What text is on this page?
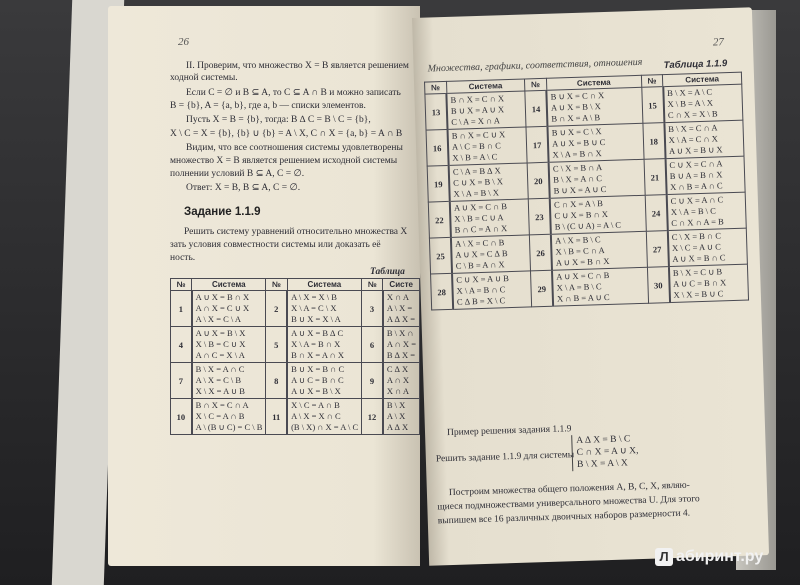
26
II. Проверим, что множество X = B является решением
ходной системы.
Если C = ∅ и B ⊆ A, то C ⊆ A ∩ B и можно записать
B = {b}, A = {a, b}, где a, b — списки элементов.
Пусть X = B = {b}, тогда: B ∆ C = B \ C = {b},
X \ C = X = {b}, {b} ∪ {b} = A \ X, C ∩ X = {a, b} = A ∩ B
Видим, что все соотношения системы удовлетворены
множество X = B является решением исходной системы
полнении условий B ⊆ A, C = ∅.
Ответ: X = B, B ⊆ A, C = ∅.
Задание 1.1.9
Решить систему уравнений относительно множества X
зать условия совместности системы или доказать её
ность.
Таблица
№	Система	№	Система	№	Систе
1	A ∪ X = B ∩ X
A ∩ X = C ∪ X
A \ X = C \ A	2	A \ X = X \ B
X \ A = C \ X
B ∪ X = X \ A	3	X ∩ A
A \ X =
A ∆ X =

4	A ∪ X = B \ X
X \ B = C ∪ X
A ∩ C = X \ A	5	A ∪ X = B ∆ C
X \ A = B ∩ X
B ∩ X = A ∩ X	6	B \ X ∩
A ∩ X =
B ∆ X =

7	B \ X = A ∩ C
A \ X = C \ B
X \ X = A ∪ B	8	B ∪ X = B ∩ C
A ∪ C = B ∩ C
A ∪ X = B \ X	9	C ∆ X
A ∩ X
X ∩ A

10	B ∩ X = C ∩ A
X \ C = A ∩ B
A \ (B ∪ C) = C \ B	11	X \ C = A ∩ B
A \ X = X ∩ C
(B \ X) ∩ X = A \ C	12	B \ X
A \ X
A ∆ X
Множества, графики, соответствия, отношения
27
Таблица 1.1.9
№	Система	№	Система	№	Система
13	B ∩ X = C ∩ X
B ∪ X = A ∪ X
C \ A = X ∩ A	14	B ∪ X = C ∩ X
A ∪ X = B \ X
B ∩ X = A \ B	15	B \ X = A \ C
X \ B = A \ X
C ∩ X = X \ B

16	B ∩ X = C ∪ X
A \ C = B ∩ C
X \ B = A \ C	17	B ∪ X = C \ X
A ∪ X = B ∪ C
X \ A = B ∩ X	18	B \ X = C ∩ A
X \ A = C ∩ X
A ∪ X = B ∪ X

19	C \ A = B ∆ X
C ∪ X = B \ X
X \ A = B \ X	20	C \ X = B ∩ A
B \ X = A ∩ C
B ∪ X = A ∪ C	21	C ∪ X = C ∩ A
B ∪ A = B ∩ X
X ∩ B = A ∩ C

22	A ∪ X = C ∩ B
X \ B = C ∪ A
B ∩ C = A ∩ X	23	C ∩ X = A \ B
C ∪ X = B ∩ X
B \ (C ∪ A) = A \ C	24	C ∪ X = A ∩ C
X \ A = B \ C
C ∩ X ∩ A = B

25	A \ X = C ∩ B
A ∪ X = C ∆ B
C \ B = A ∩ X	26	A \ X = B \ C
X \ B = C ∩ A
A ∪ X = B ∩ X	27	C \ X = B ∩ C
X \ C = A ∪ C
A ∪ X = B ∩ C

28	C ∪ X = A ∪ B
X \ A = B ∩ C
C ∆ B = X \ C	29	A ∪ X = C ∩ B
X \ A = B \ C
X ∩ B = A ∪ C	30	B \ X = C ∪ B
A ∪ C = B ∩ X
X \ X = B ∪ C
Пример решения задания 1.1.9
Решить задание 1.1.9 для системы
A ∆ X = B \ C
C ∩ X = A ∪ X,
B \ X = A \ X
Построим множества общего положения A, B, C, X, являю-
щиеся подмножествами универсального множества U. Для этого
выпишем все 16 различных двоичных наборов размерности 4.
Л абиринт.ру
